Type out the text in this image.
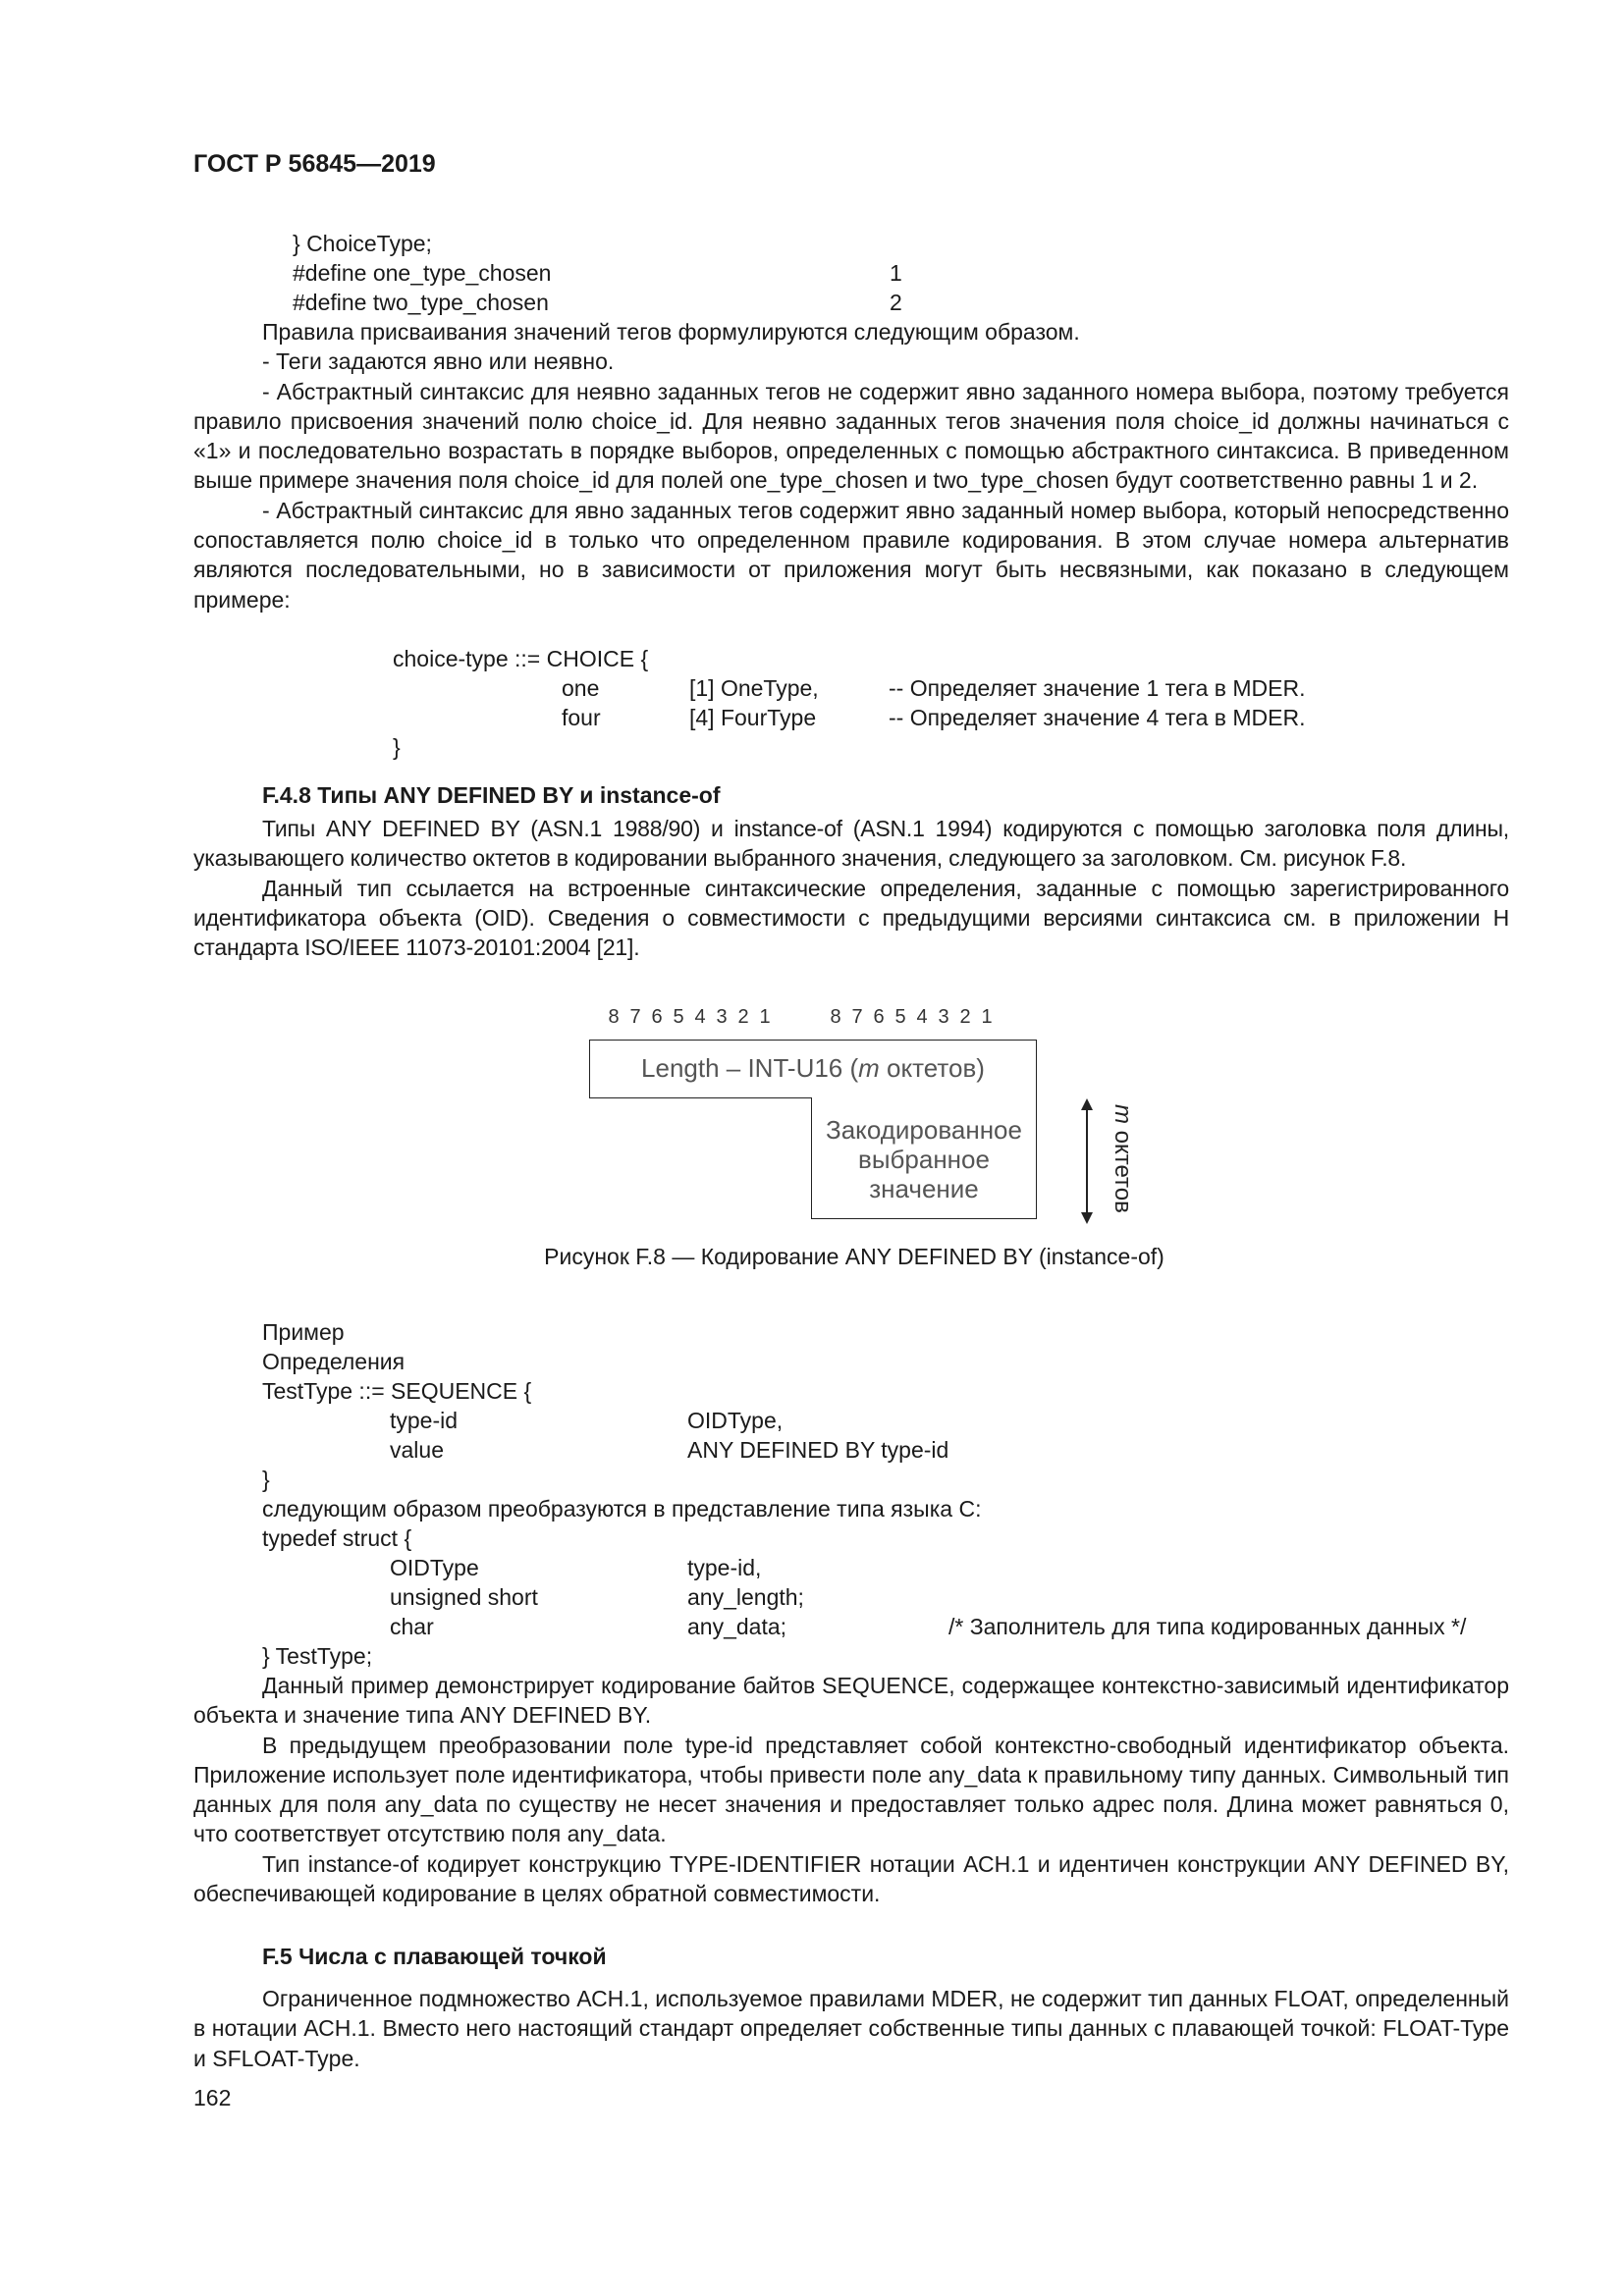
ГОСТ Р 56845—2019
} ChoiceType;
#define one_type_chosen	1
#define two_type_chosen	2

Правила присваивания значений тегов формулируются следующим образом.

- Теги задаются явно или неявно.

- Абстрактный синтаксис для неявно заданных тегов не содержит явно заданного номера выбора, поэтому требуется правило присвоения значений полю choice_id. Для неявно заданных тегов значения поля choice_id должны начинаться с «1» и последовательно возрастать в порядке выборов, определенных с помощью абстрактного синтаксиса. В приведенном выше примере значения поля choice_id для полей one_type_chosen и two_type_chosen будут соответственно равны 1 и 2.

- Абстрактный синтаксис для явно заданных тегов содержит явно заданный номер выбора, который непосредственно сопоставляется полю choice_id в только что определенном правиле кодирования. В этом случае номера альтернатив являются последовательными, но в зависимости от приложения могут быть несвязными, как показано в следующем примере:

choice-type ::= CHOICE {
one	[1] OneType,	-- Определяет значение 1 тега в MDER.
four	[4] FourType	-- Определяет значение 4 тега в MDER.
}
F.4.8 Типы ANY DEFINED BY и instance-of

Типы ANY DEFINED BY (ASN.1 1988/90) и instance-of (ASN.1 1994) кодируются с помощью заголовка поля длины, указывающего количество октетов в кодировании выбранного значения, следующего за заголовком. См. рисунок F.8.

Данный тип ссылается на встроенные синтаксические определения, заданные с помощью зарегистрированного идентификатора объекта (OID). Сведения о совместимости с предыдущими версиями синтаксиса см. в приложении H стандарта ISO/IEEE 11073-20101:2004 [21].

8 7 6 5 4 3 2 1	8 7 6 5 4 3 2 1
Length – INT-U16 (m октетов)
Закодированное
выбранное
значение
m октетов
Рисунок F.8 — Кодирование ANY DEFINED BY (instance-of)
Пример
Определения
TestType ::= SEQUENCE {
type-id	OIDType,
value	ANY DEFINED BY type-id
}
следующим образом преобразуются в представление типа языка С:
typedef struct {
OIDType	type-id,
unsigned short	any_length;
char	any_data;	/* Заполнитель для типа кодированных данных */
} TestType;

Данный пример демонстрирует кодирование байтов SEQUENCE, содержащее контекстно-зависимый идентификатор объекта и значение типа ANY DEFINED BY.

В предыдущем преобразовании поле type-id представляет собой контекстно-свободный идентификатор объекта. Приложение использует поле идентификатора, чтобы привести поле any_data к правильному типу данных. Символьный тип данных для поля any_data по существу не несет значения и предоставляет только адрес поля. Длина может равняться 0, что соответствует отсутствию поля any_data.

Тип instance-of кодирует конструкцию TYPE-IDENTIFIER нотации АСН.1 и идентичен конструкции ANY DEFINED BY, обеспечивающей кодирование в целях обратной совместимости.

F.5 Числа с плавающей точкой

Ограниченное подмножество АСН.1, используемое правилами MDER, не содержит тип данных FLOAT, определенный в нотации АСН.1. Вместо него настоящий стандарт определяет собственные типы данных с плавающей точкой: FLOAT-Type и SFLOAT-Type.

162
